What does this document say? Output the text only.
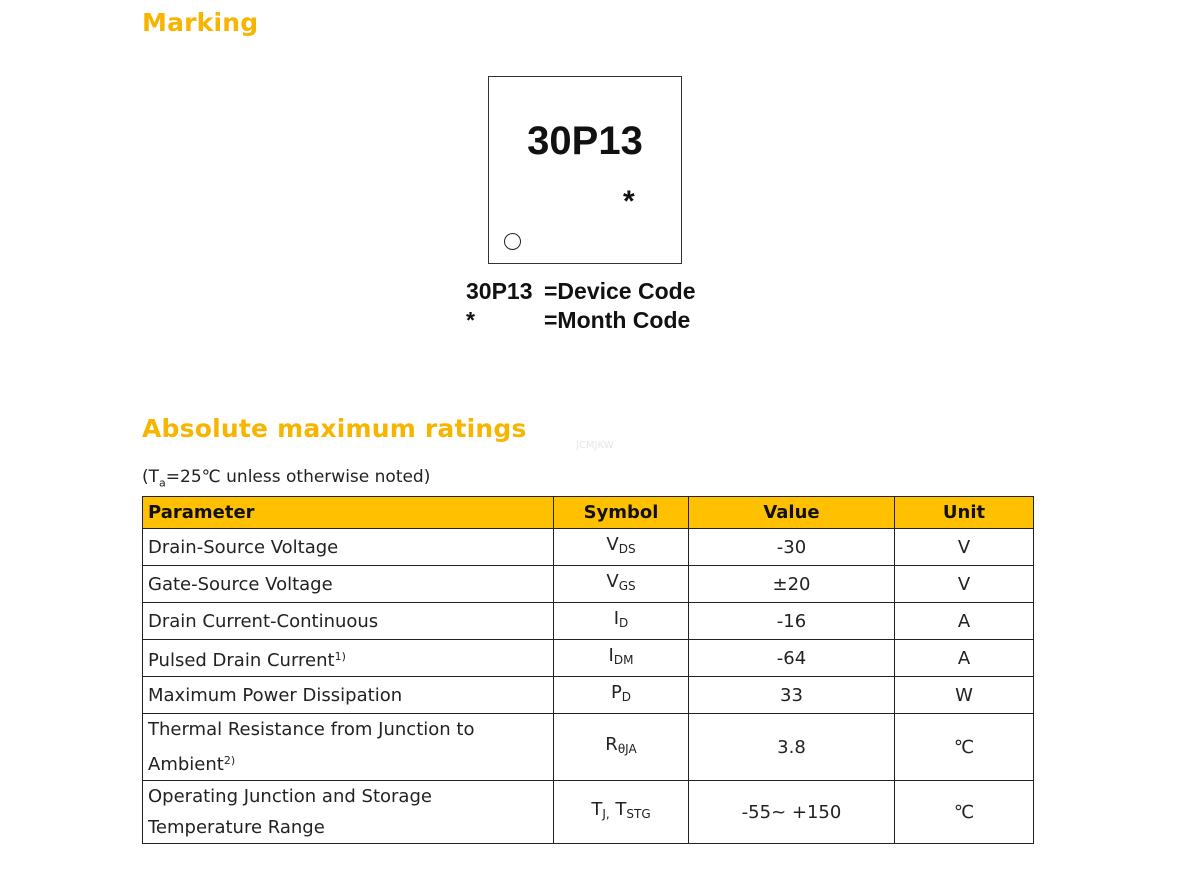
Marking
30P13
*
30P13 =Device Code
*	=Month Code
Absolute maximum ratings
JCMJKW
($T_a=25℃$ unless otherwise noted)
Parameter	Symbol	Value	Unit
Drain-Source Voltage	VDS	-30	V
Gate-Source Voltage	VGS	±20	V
Drain Current-Continuous	ID	-16	A
Pulsed Drain Current$^{1)}$	IDM	-64	A
Maximum Power Dissipation	PD	33	W
Thermal Resistance from Junction to Ambient$^{2)}$	RθJA	3.8	℃
Operating Junction and Storage Temperature Range	TJ, TSTG	-55~ +150	℃
